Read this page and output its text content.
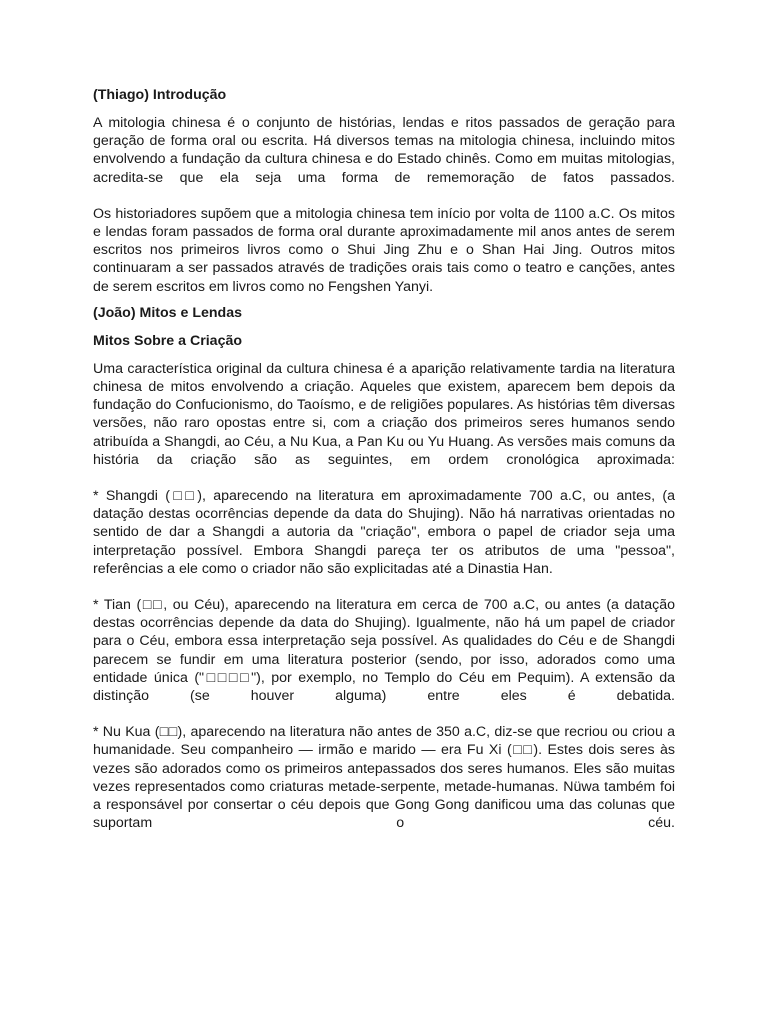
(Thiago) Introdução

A mitologia chinesa é o conjunto de histórias, lendas e ritos passados de geração para geração de forma oral ou escrita. Há diversos temas na mitologia chinesa, incluindo mitos envolvendo a fundação da cultura chinesa e do Estado chinês. Como em muitas mitologias, acredita-se que ela seja uma forma de rememoração de fatos passados.

Os historiadores supõem que a mitologia chinesa tem início por volta de 1100 a.C. Os mitos e lendas foram passados de forma oral durante aproximadamente mil anos antes de serem escritos nos primeiros livros como o Shui Jing Zhu e o Shan Hai Jing. Outros mitos continuaram a ser passados através de tradições orais tais como o teatro e canções, antes de serem escritos em livros como no Fengshen Yanyi.

(João) Mitos e Lendas
Mitos Sobre a Criação

Uma característica original da cultura chinesa é a aparição relativamente tardia na literatura chinesa de mitos envolvendo a criação. Aqueles que existem, aparecem bem depois da fundação do Confucionismo, do Taoísmo, e de religiões populares. As histórias têm diversas versões, não raro opostas entre si, com a criação dos primeiros seres humanos sendo atribuída a Shangdi, ao Céu, a Nu Kua, a Pan Ku ou Yu Huang. As versões mais comuns da história da criação são as seguintes, em ordem cronológica aproximada:

* Shangdi (□□), aparecendo na literatura em aproximadamente 700 a.C, ou antes, (a datação destas ocorrências depende da data do Shujing). Não há narrativas orientadas no sentido de dar a Shangdi a autoria da "criação", embora o papel de criador seja uma interpretação possível. Embora Shangdi pareça ter os atributos de uma "pessoa", referências a ele como o criador não são explicitadas até a Dinastia Han.

* Tian (□□, ou Céu), aparecendo na literatura em cerca de 700 a.C, ou antes (a datação destas ocorrências depende da data do Shujing). Igualmente, não há um papel de criador para o Céu, embora essa interpretação seja possível. As qualidades do Céu e de Shangdi parecem se fundir em uma literatura posterior (sendo, por isso, adorados como uma entidade única ("□□□□"), por exemplo, no Templo do Céu em Pequim). A extensão da distinção (se houver alguma) entre eles é debatida.

* Nu Kua (□□), aparecendo na literatura não antes de 350 a.C, diz-se que recriou ou criou a humanidade. Seu companheiro — irmão e marido — era Fu Xi (□□). Estes dois seres às vezes são adorados como os primeiros antepassados dos seres humanos. Eles são muitas vezes representados como criaturas metade-serpente, metade-humanas. Nüwa também foi a responsável por consertar o céu depois que Gong Gong danificou uma das colunas que suportam o céu.
